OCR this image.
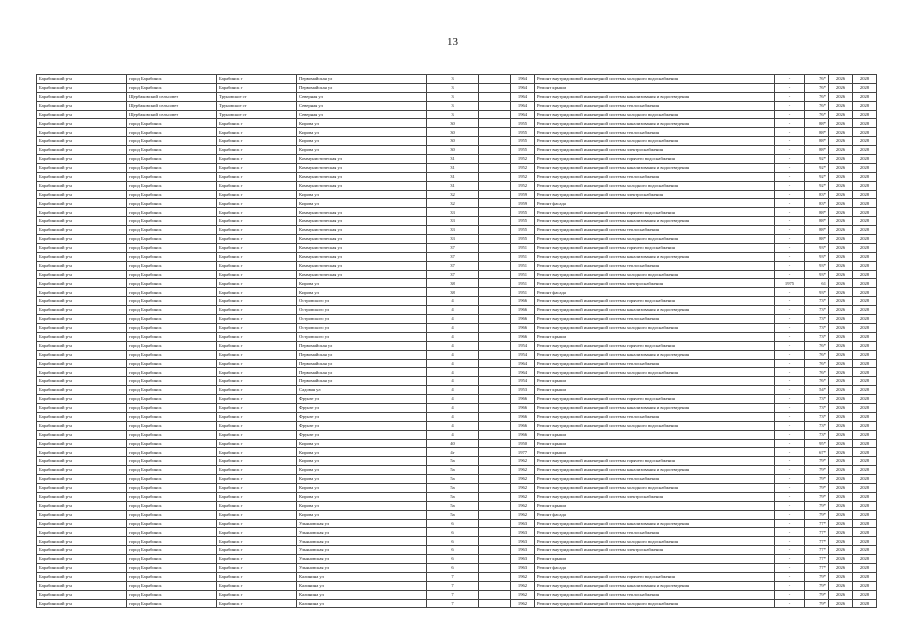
13
Барабинский р-н	город Барабинск	Барабинск г	Первомайская ул	3		1964	Ремонт внутридомовой инженерной системы холодного водоснабжения	-	76*	2026	2028
Барабинский р-н	город Барабинск	Барабинск г	Первомайская ул	3		1964	Ремонт крыши	-	76*	2026	2028
Барабинский р-н	Щербаковский сельсовет	Труновское ст	Северная ул	3		1964	Ремонт внутридомовой инженерной системы канализования и водоотведения	-	76*	2026	2028
Барабинский р-н	Щербаковский сельсовет	Труновское ст	Северная ул	3		1964	Ремонт внутридомовой инженерной системы теплоснабжения	-	76*	2026	2028
Барабинский р-н	Щербаковский сельсовет	Труновское ст	Северная ул	3		1964	Ремонт внутридомовой инженерной системы холодного водоснабжения	-	76*	2026	2028
Барабинский р-н	город Барабинск	Барабинск г	Кирова ул	30		1955	Ремонт внутридомовой инженерной системы канализования и водоотведения	-	88*	2026	2028
Барабинский р-н	город Барабинск	Барабинск г	Кирова ул	30		1955	Ремонт внутридомовой инженерной системы теплоснабжения	-	88*	2026	2028
Барабинский р-н	город Барабинск	Барабинск г	Кирова ул	30		1955	Ремонт внутридомовой инженерной системы холодного водоснабжения	-	88*	2026	2028
Барабинский р-н	город Барабинск	Барабинск г	Кирова ул	30		1955	Ремонт внутридомовой инженерной системы электроснабжения	-	88*	2026	2028
Барабинский р-н	город Барабинск	Барабинск г	Коммунистическая ул	31		1952	Ремонт внутридомовой инженерной системы горячего водоснабжения	-	92*	2026	2028
Барабинский р-н	город Барабинск	Барабинск г	Коммунистическая ул	31		1952	Ремонт внутридомовой инженерной системы канализования и водоотведения	-	92*	2026	2028
Барабинский р-н	город Барабинск	Барабинск г	Коммунистическая ул	31		1952	Ремонт внутридомовой инженерной системы теплоснабжения	-	92*	2026	2028
Барабинский р-н	город Барабинск	Барабинск г	Коммунистическая ул	31		1952	Ремонт внутридомовой инженерной системы холодного водоснабжения	-	92*	2026	2028
Барабинский р-н	город Барабинск	Барабинск г	Кирова ул	32		1959	Ремонт внутридомовой инженерной системы электроснабжения	-	83*	2026	2028
Барабинский р-н	город Барабинск	Барабинск г	Кирова ул	32		1959	Ремонт фасада	-	83*	2026	2028
Барабинский р-н	город Барабинск	Барабинск г	Коммунистическая ул	33		1955	Ремонт внутридомовой инженерной системы горячего водоснабжения	-	88*	2026	2028
Барабинский р-н	город Барабинск	Барабинск г	Коммунистическая ул	33		1955	Ремонт внутридомовой инженерной системы канализования и водоотведения	-	88*	2026	2028
Барабинский р-н	город Барабинск	Барабинск г	Коммунистическая ул	33		1955	Ремонт внутридомовой инженерной системы теплоснабжения	-	88*	2026	2028
Барабинский р-н	город Барабинск	Барабинск г	Коммунистическая ул	33		1955	Ремонт внутридомовой инженерной системы холодного водоснабжения	-	88*	2026	2028
Барабинский р-н	город Барабинск	Барабинск г	Коммунистическая ул	37		1951	Ремонт внутридомовой инженерной системы горячего водоснабжения	-	93*	2026	2028
Барабинский р-н	город Барабинск	Барабинск г	Коммунистическая ул	37		1951	Ремонт внутридомовой инженерной системы канализования и водоотведения	-	93*	2026	2028
Барабинский р-н	город Барабинск	Барабинск г	Коммунистическая ул	37		1951	Ремонт внутридомовой инженерной системы теплоснабжения	-	93*	2026	2028
Барабинский р-н	город Барабинск	Барабинск г	Коммунистическая ул	37		1951	Ремонт внутридомовой инженерной системы холодного водоснабжения	-	93*	2026	2028
Барабинский р-н	город Барабинск	Барабинск г	Кирова ул	38		1951	Ремонт внутридомовой инженерной системы электроснабжения	1975	61	2026	2028
Барабинский р-н	город Барабинск	Барабинск г	Кирова ул	38		1951	Ремонт фасада	-	93*	2026	2028
Барабинский р-н	город Барабинск	Барабинск г	Островского ул	4		1966	Ремонт внутридомовой инженерной системы горячего водоснабжения	-	73*	2026	2028
Барабинский р-н	город Барабинск	Барабинск г	Островского ул	4		1966	Ремонт внутридомовой инженерной системы канализования и водоотведения	-	73*	2026	2028
Барабинский р-н	город Барабинск	Барабинск г	Островского ул	4		1966	Ремонт внутридомовой инженерной системы теплоснабжения	-	73*	2026	2028
Барабинский р-н	город Барабинск	Барабинск г	Островского ул	4		1966	Ремонт внутридомовой инженерной системы холодного водоснабжения	-	73*	2026	2028
Барабинский р-н	город Барабинск	Барабинск г	Островского ул	4		1966	Ремонт крыши	-	73*	2026	2028
Барабинский р-н	город Барабинск	Барабинск г	Первомайская ул	4		1954	Ремонт внутридомовой инженерной системы горячего водоснабжения	-	76*	2026	2028
Барабинский р-н	город Барабинск	Барабинск г	Первомайская ул	4		1954	Ремонт внутридомовой инженерной системы канализования и водоотведения	-	76*	2026	2028
Барабинский р-н	город Барабинск	Барабинск г	Первомайская ул	4		1964	Ремонт внутридомовой инженерной системы теплоснабжения	-	76*	2026	2028
Барабинский р-н	город Барабинск	Барабинск г	Первомайская ул	4		1964	Ремонт внутридомовой инженерной системы холодного водоснабжения	-	76*	2026	2028
Барабинский р-н	город Барабинск	Барабинск г	Первомайская ул	4		1954	Ремонт крыши	-	76*	2026	2028
Барабинский р-н	город Барабинск	Барабинск г	Садовая ул	4		1953	Ремонт крыши	-	54*	2026	2028
Барабинский р-н	город Барабинск	Барабинск г	Фрунзе ул	4		1966	Ремонт внутридомовой инженерной системы горячего водоснабжения	-	73*	2026	2028
Барабинский р-н	город Барабинск	Барабинск г	Фрунзе ул	4		1966	Ремонт внутридомовой инженерной системы канализования и водоотведения	-	73*	2026	2028
Барабинский р-н	город Барабинск	Барабинск г	Фрунзе ул	4		1966	Ремонт внутридомовой инженерной системы теплоснабжения	-	73*	2026	2028
Барабинский р-н	город Барабинск	Барабинск г	Фрунзе ул	4		1966	Ремонт внутридомовой инженерной системы холодного водоснабжения	-	73*	2026	2028
Барабинский р-н	город Барабинск	Барабинск г	Фрунзе ул	4		1966	Ремонт крыши	-	73*	2026	2028
Барабинский р-н	город Барабинск	Барабинск г	Кирова ул	40		1950	Ремонт крыши	-	95*	2026	2028
Барабинский р-н	город Барабинск	Барабинск г	Кирова ул	4г		1977	Ремонт крыши	-	67*	2026	2028
Барабинский р-н	город Барабинск	Барабинск г	Кирова ул	5а		1962	Ремонт внутридомовой инженерной системы горячего водоснабжения	-	79*	2026	2028
Барабинский р-н	город Барабинск	Барабинск г	Кирова ул	5а		1962	Ремонт внутридомовой инженерной системы канализования и водоотведения	-	79*	2026	2028
Барабинский р-н	город Барабинск	Барабинск г	Кирова ул	5а		1962	Ремонт внутридомовой инженерной системы теплоснабжения	-	79*	2026	2028
Барабинский р-н	город Барабинск	Барабинск г	Кирова ул	5а		1962	Ремонт внутридомовой инженерной системы холодного водоснабжения	-	79*	2026	2028
Барабинский р-н	город Барабинск	Барабинск г	Кирова ул	5а		1962	Ремонт внутридомовой инженерной системы электроснабжения	-	79*	2026	2028
Барабинский р-н	город Барабинск	Барабинск г	Кирова ул	5а		1962	Ремонт крыши	-	79*	2026	2028
Барабинский р-н	город Барабинск	Барабинск г	Кирова ул	5а		1962	Ремонт фасада	-	79*	2026	2028
Барабинский р-н	город Барабинск	Барабинск г	Ульяновская ул	6		1963	Ремонт внутридомовой инженерной системы канализования и водоотведения	-	77*	2026	2028
Барабинский р-н	город Барабинск	Барабинск г	Ульяновская ул	6		1963	Ремонт внутридомовой инженерной системы теплоснабжения	-	77*	2026	2028
Барабинский р-н	город Барабинск	Барабинск г	Ульяновская ул	6		1963	Ремонт внутридомовой инженерной системы холодного водоснабжения	-	77*	2026	2028
Барабинский р-н	город Барабинск	Барабинск г	Ульяновская ул	6		1963	Ремонт внутридомовой инженерной системы электроснабжения	-	77*	2026	2028
Барабинский р-н	город Барабинск	Барабинск г	Ульяновская ул	6		1963	Ремонт крыши	-	77*	2026	2028
Барабинский р-н	город Барабинск	Барабинск г	Ульяновская ул	6		1963	Ремонт фасада	-	77*	2026	2028
Барабинский р-н	город Барабинск	Барабинск г	Калинина ул	7		1962	Ремонт внутридомовой инженерной системы горячего водоснабжения	-	79*	2026	2028
Барабинский р-н	город Барабинск	Барабинск г	Калинина ул	7		1962	Ремонт внутридомовой инженерной системы канализования и водоотведения	-	79*	2026	2028
Барабинский р-н	город Барабинск	Барабинск г	Калинина ул	7		1962	Ремонт внутридомовой инженерной системы теплоснабжения	-	79*	2026	2028
Барабинский р-н	город Барабинск	Барабинск г	Калинина ул	7		1962	Ремонт внутридомовой инженерной системы холодного водоснабжения	-	79*	2026	2028
